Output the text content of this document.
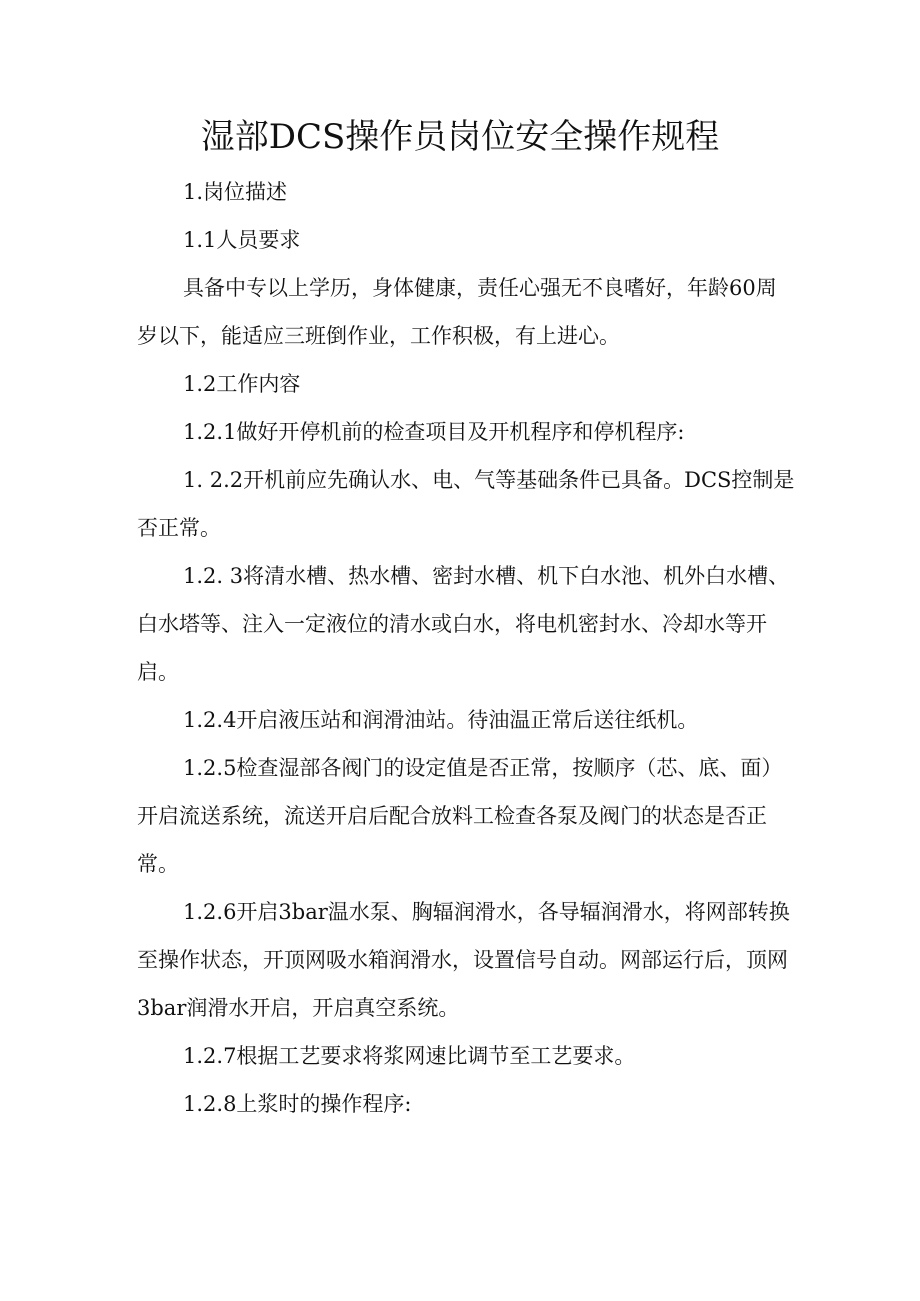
湿部DCS操作员岗位安全操作规程

1.岗位描述

1.1人员要求

具备中专以上学历，身体健康，责任心强无不良嗜好，年龄60周岁以下，能适应三班倒作业，工作积极，有上进心。

1.2工作内容

1.2.1做好开停机前的检查项目及开机程序和停机程序:

1. 2.2开机前应先确认水、电、气等基础条件已具备。DCS控制是否正常。

1.2. 3将清水槽、热水槽、密封水槽、机下白水池、机外白水槽、白水塔等、注入一定液位的清水或白水，将电机密封水、冷却水等开启。

1.2.4开启液压站和润滑油站。待油温正常后送往纸机。

1.2.5检查湿部各阀门的设定值是否正常，按顺序（芯、底、面）开启流送系统，流送开启后配合放料工检查各泵及阀门的状态是否正常。

1.2.6开启3bar温水泵、胸辐润滑水，各导辐润滑水，将网部转换至操作状态，开顶网吸水箱润滑水，设置信号自动。网部运行后，顶网3bar润滑水开启，开启真空系统。

1.2.7根据工艺要求将浆网速比调节至工艺要求。

1.2.8上浆时的操作程序:
